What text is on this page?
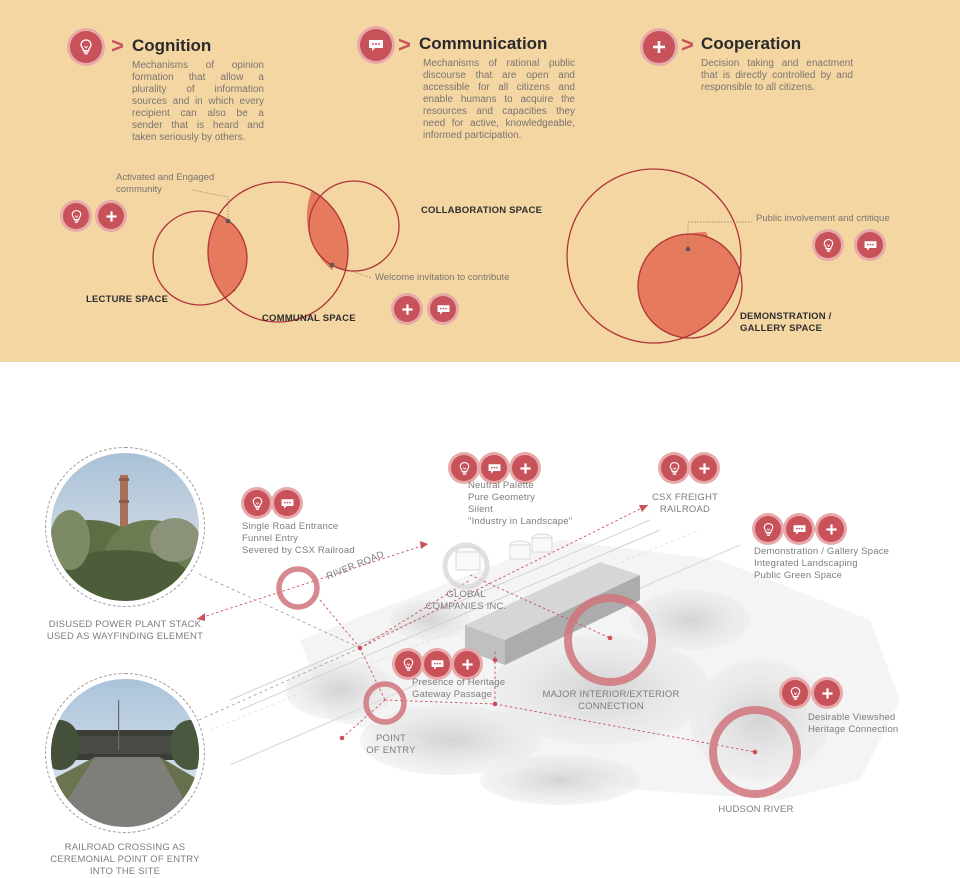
> Cognition
Mechanisms of opinion formation that allow a plurality of information sources and in which every recipient can also be a sender that is heard and taken seriously by others.
> Communication
Mechanisms of rational public discourse that are open and accessible for all citizens and enable humans to acquire the resources and capacities they need for active, knowledgeable, informed participation.
> Cooperation
Decision taking and enactment that is directly controlled by and responsible to all citizens.
Activated and Engaged community
Welcome invitation to contribute
Public involvement and crtitique
LECTURE SPACE
COMMUNAL SPACE
COLLABORATION SPACE
DEMONSTRATION / GALLERY SPACE
DISUSED POWER PLANT STACK USED AS WAYFINDING ELEMENT
RAILROAD CROSSING AS CEREMONIAL POINT OF ENTRY INTO THE SITE
Single Road Entrance
Funnel Entry
Severed by CSX Railroad
Neutral Palette
Pure Geometry
Silent
"Industry in Landscape"
CSX FREIGHT
RAILROAD
Demonstration / Gallery Space
Integrated Landscaping
Public Green Space
RIVER ROAD
GLOBAL
COMPANIES INC.
Presence of Heritage
Gateway Passage
POINT
OF ENTRY
MAJOR INTERIOR/EXTERIOR
CONNECTION
Desirable Viewshed
Heritage Connection
HUDSON RIVER
